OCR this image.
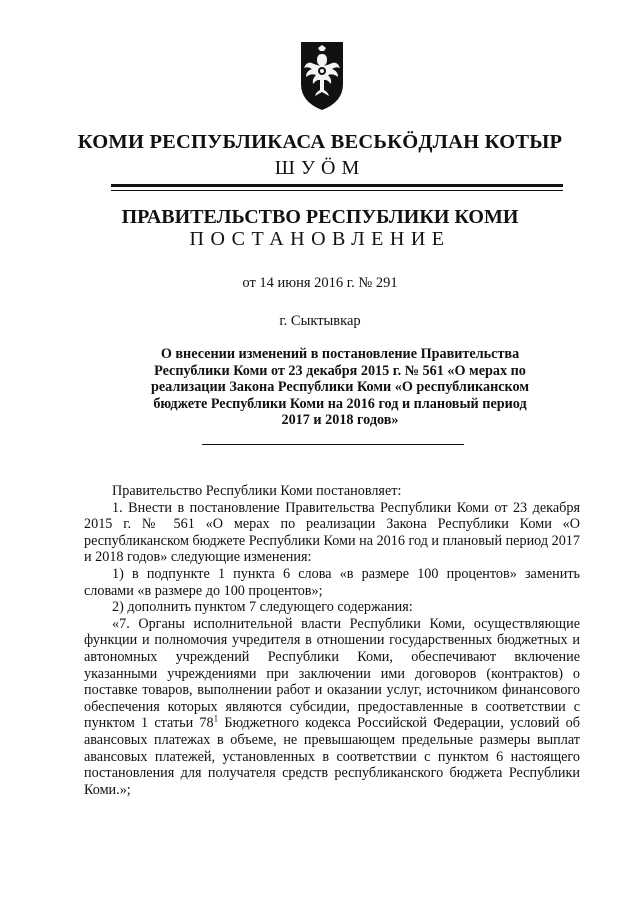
КОМИ РЕСПУБЛИКАСА ВЕСЬКÖДЛАН КОТЫР
ШУÖМ
ПРАВИТЕЛЬСТВО РЕСПУБЛИКИ КОМИ
ПОСТАНОВЛЕНИЕ
от 14 июня 2016 г. № 291
г. Сыктывкар
О внесении изменений в постановление Правительства
Республики Коми от 23 декабря 2015 г. № 561 «О мерах по
реализации Закона Республики Коми «О республиканском
бюджете Республики Коми на 2016 год и плановый период
2017 и 2018 годов»

Правительство Республики Коми постановляет:

1. Внести в постановление Правительства Республики Коми от 23 декабря 2015 г. № 561 «О мерах по реализации Закона Республики Коми «О республиканском бюджете Республики Коми на 2016 год и плановый период 2017 и 2018 годов» следующие изменения:

1) в подпункте 1 пункта 6 слова «в размере 100 процентов» заменить словами «в размере до 100 процентов»;

2) дополнить пунктом 7 следующего содержания:

«7. Органы исполнительной власти Республики Коми, осуществляющие функции и полномочия учредителя в отношении государственных бюджетных и автономных учреждений Республики Коми, обеспечивают включение указанными учреждениями при заключении ими договоров (контрактов) о поставке товаров, выполнении работ и оказании услуг, источником финансового обеспечения которых являются субсидии, предоставленные в соответствии с пунктом 1 статьи $78^1$ Бюджетного кодекса Российской Федерации, условий об авансовых платежах в объеме, не превышающем предельные размеры выплат авансовых платежей, установленных в соответствии с пунктом 6 настоящего постановления для получателя средств республиканского бюджета Республики Коми.»;
